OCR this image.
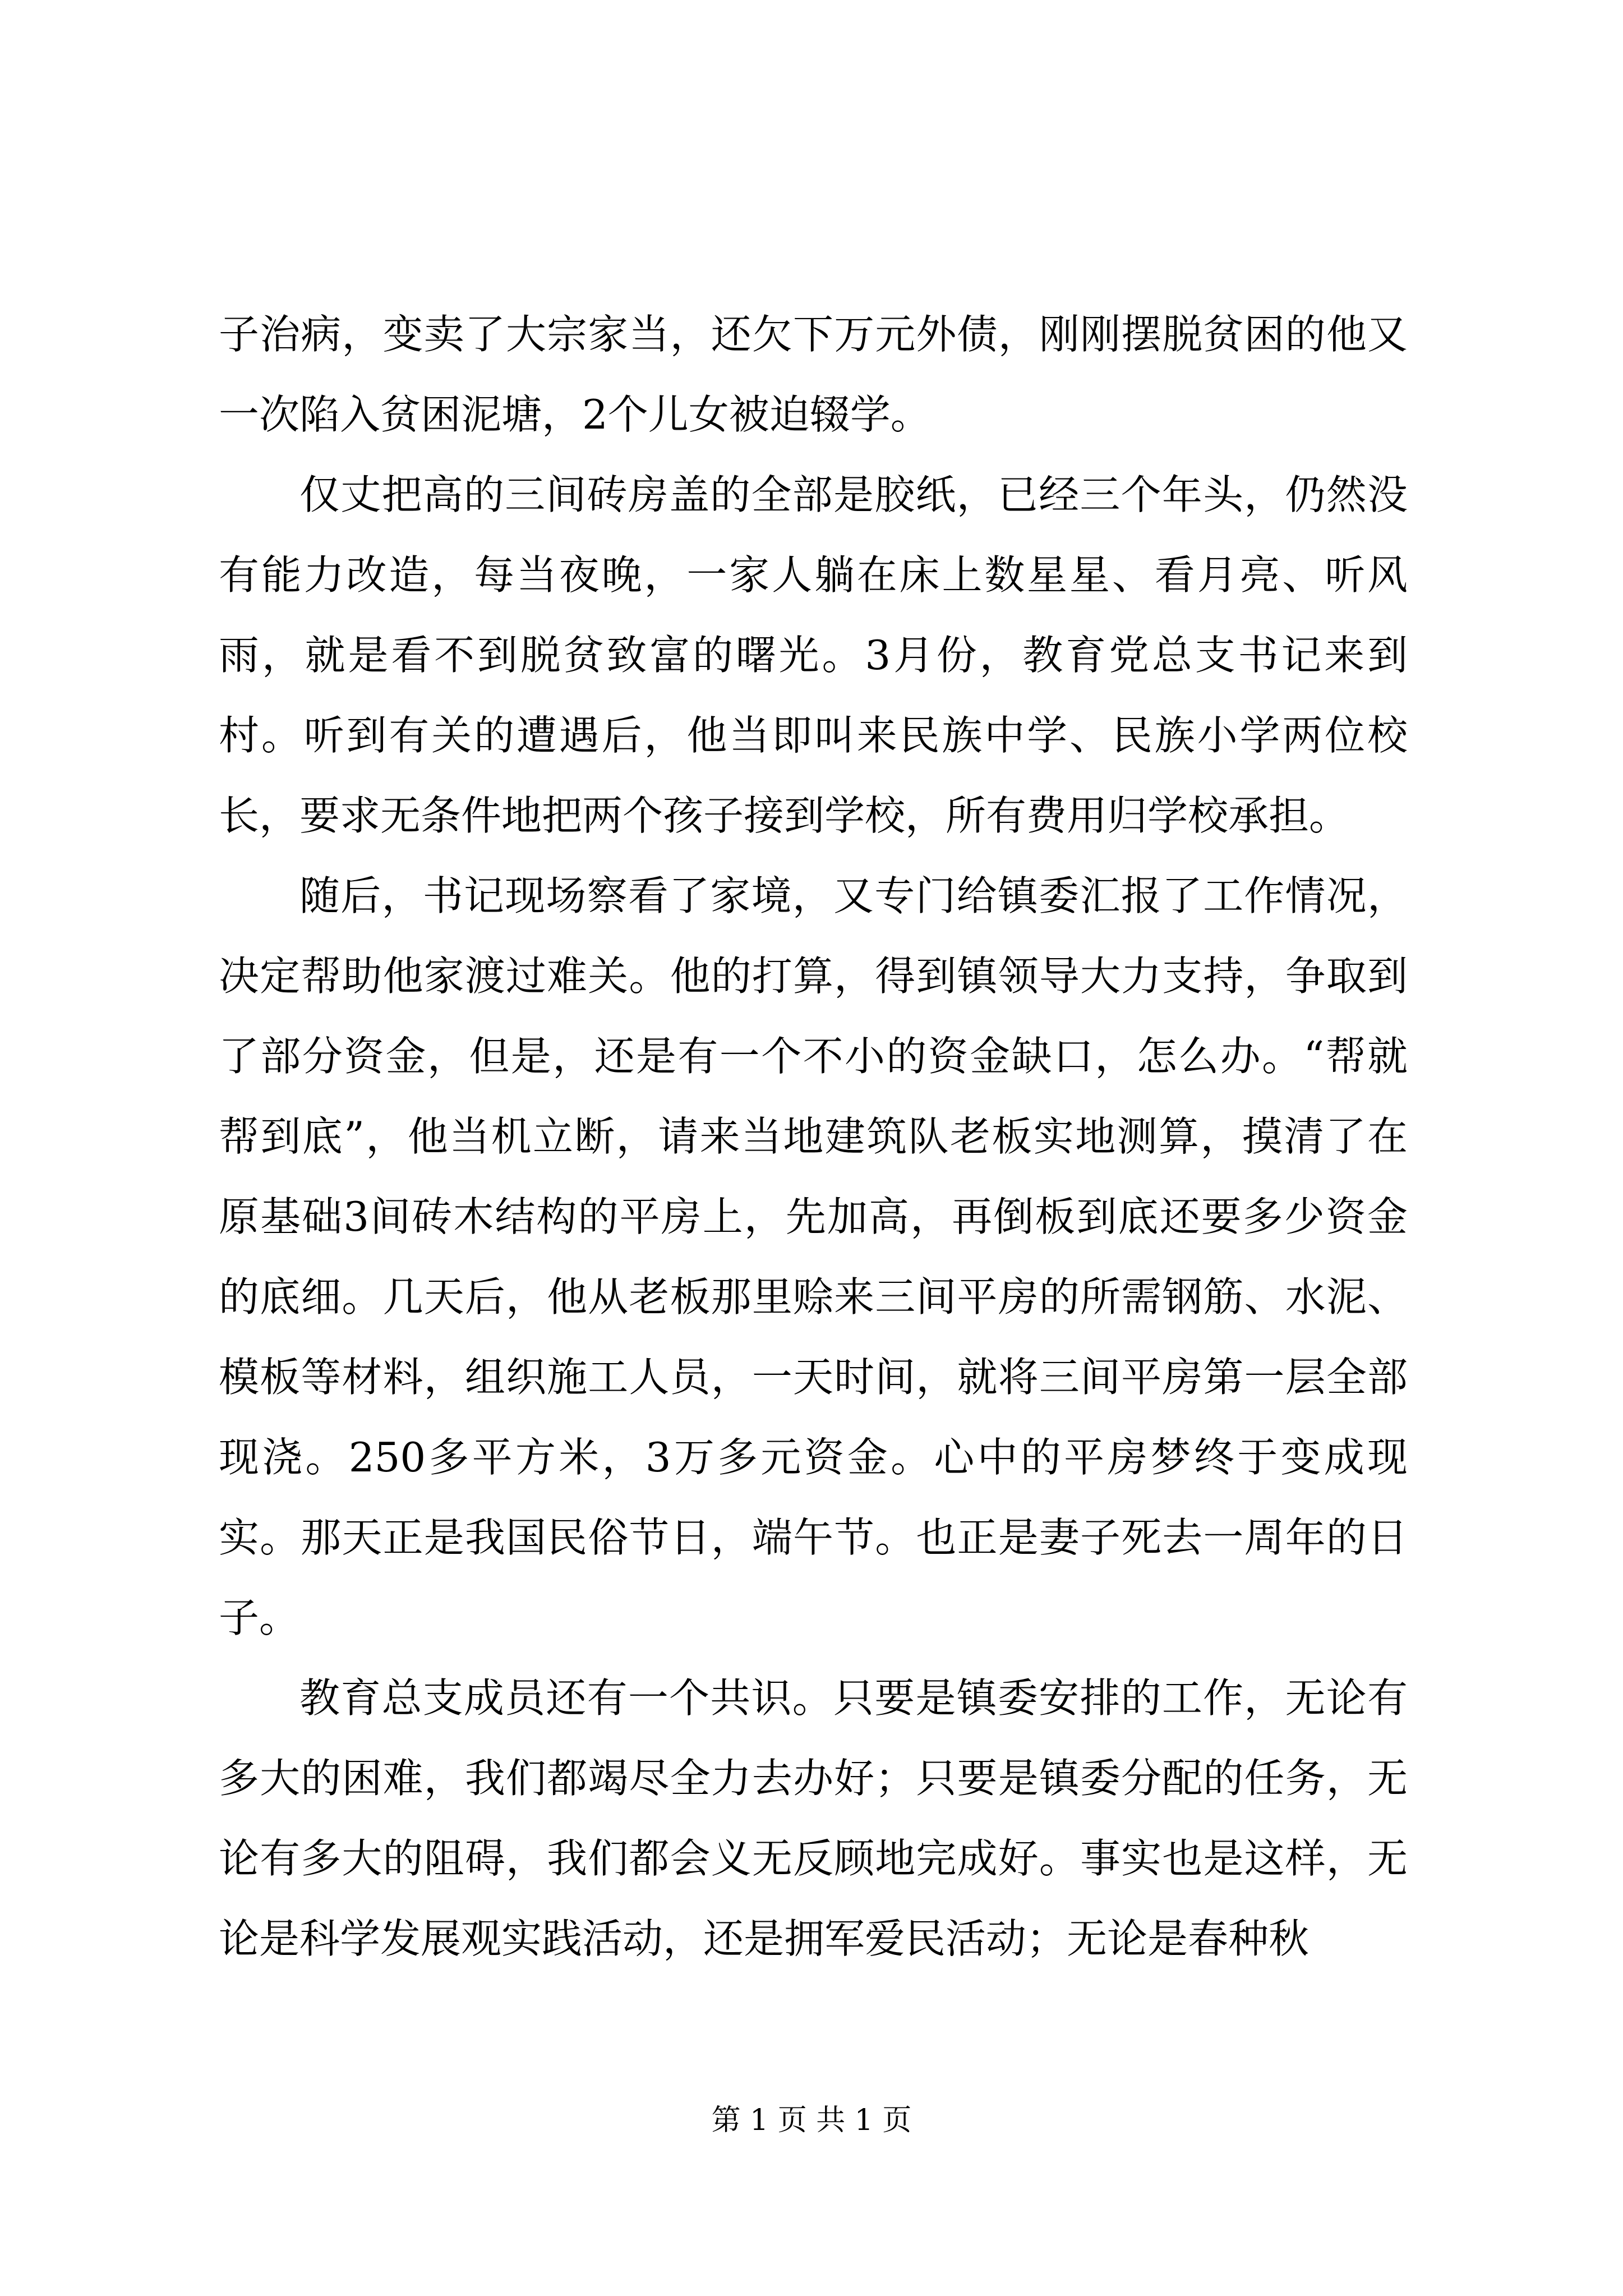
子治病，变卖了大宗家当，还欠下万元外债，刚刚摆脱贫困的他又一次陷入贫困泥塘，2个儿女被迫辍学。

仅丈把高的三间砖房盖的全部是胶纸，已经三个年头，仍然没有能力改造，每当夜晚，一家人躺在床上数星星、看月亮、听风雨，就是看不到脱贫致富的曙光。3月份，教育党总支书记来到村。听到有关的遭遇后，他当即叫来民族中学、民族小学两位校长，要求无条件地把两个孩子接到学校，所有费用归学校承担。

随后，书记现场察看了家境，又专门给镇委汇报了工作情况，决定帮助他家渡过难关。他的打算，得到镇领导大力支持，争取到了部分资金，但是，还是有一个不小的资金缺口，怎么办。“帮就帮到底”，他当机立断，请来当地建筑队老板实地测算，摸清了在原基础3间砖木结构的平房上，先加高，再倒板到底还要多少资金的底细。几天后，他从老板那里赊来三间平房的所需钢筋、水泥、模板等材料，组织施工人员，一天时间，就将三间平房第一层全部现浇。250多平方米，3万多元资金。心中的平房梦终于变成现实。那天正是我国民俗节日，端午节。也正是妻子死去一周年的日子。

教育总支成员还有一个共识。只要是镇委安排的工作，无论有多大的困难，我们都竭尽全力去办好；只要是镇委分配的任务，无论有多大的阻碍，我们都会义无反顾地完成好。事实也是这样，无论是科学发展观实践活动，还是拥军爱民活动；无论是春种秋

第 1 页 共 1 页
